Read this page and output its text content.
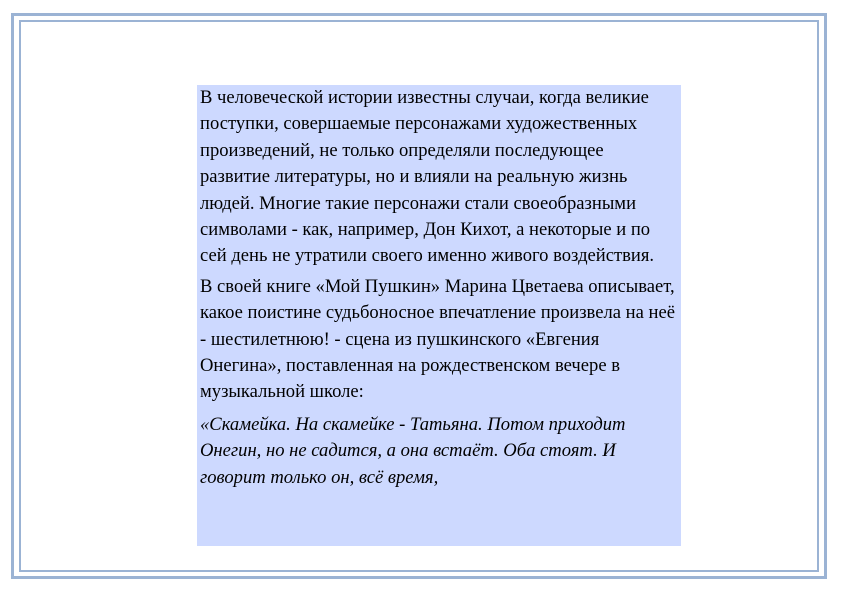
В человеческой истории известны случаи, когда великие поступки, совершаемые персонажами художественных произведений, не только определяли последующее развитие литературы, но и влияли на реальную жизнь людей. Многие такие персонажи стали своеобразными символами - как, например, Дон Кихот, а некоторые и по сей день не утратили своего именно живого воздействия.

В своей книге «Мой Пушкин» Марина Цветаева описывает, какое поистине судьбоносное впечатление произвела на неё - шестилетнюю! - сцена из пушкинского «Евгения Онегина», поставленная на рождественском вечере в музыкальной школе:

«Скамейка. На скамейке - Татьяна. Потом приходит Онегин, но не садится, а она встаёт. Оба стоят. И говорит только он, всё время,
